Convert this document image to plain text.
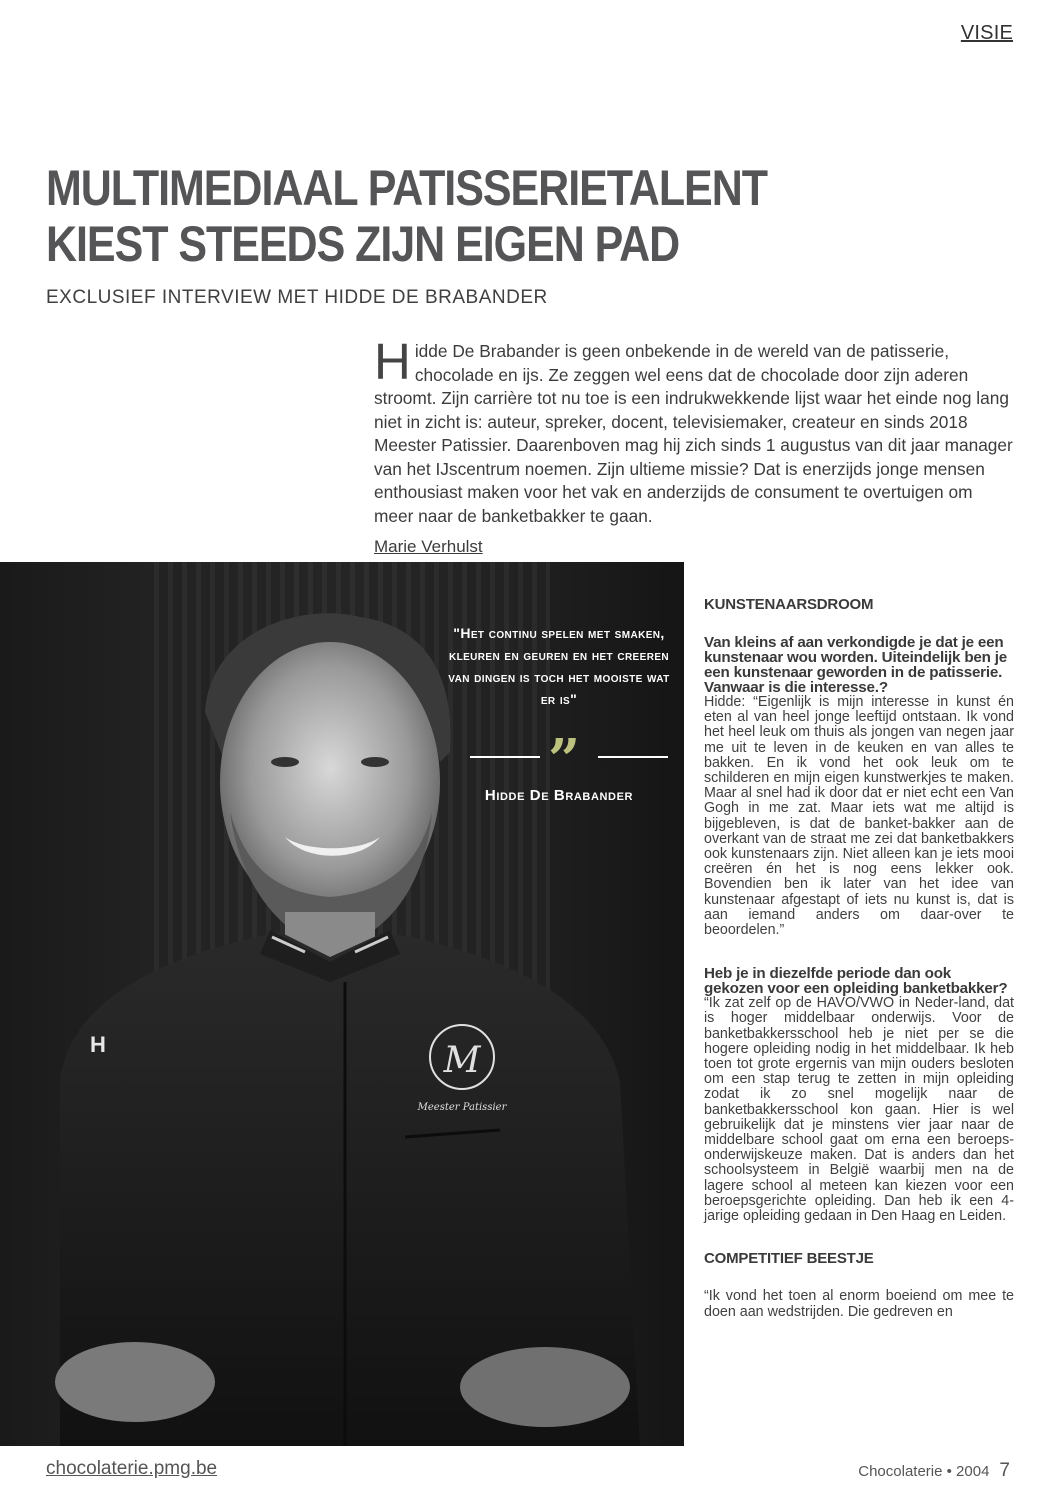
VISIE
MULTIMEDIAAL PATISSERIETALENT
KIEST STEEDS ZIJN EIGEN PAD
EXCLUSIEF INTERVIEW MET HIDDE DE BRABANDER

Hidde De Brabander is geen onbekende in de wereld van de patisserie, chocolade en ijs. Ze zeggen wel eens dat de chocolade door zijn aderen stroomt. Zijn carrière tot nu toe is een indrukwekkende lijst waar het einde nog lang niet in zicht is: auteur, spreker, docent, televisiemaker, createur en sinds 2018 Meester Patissier. Daarenboven mag hij zich sinds 1 augustus van dit jaar manager van het IJscentrum noemen. Zijn ultieme missie? Dat is enerzijds jonge mensen enthousiast maken voor het vak en anderzijds de consument te overtuigen om meer naar de banketbakker te gaan.

Marie Verhulst
M
Meester Patissier
H
"Het continu spelen met smaken, kleuren en geuren en het creeren van dingen is toch het mooiste wat er is"
”
Hidde De Brabander
KUNSTENAARSDROOM

Van kleins af aan verkondigde je dat je een kunstenaar wou worden. Uiteindelijk ben je een kunstenaar geworden in de patisserie. Vanwaar is die interesse.?

Hidde: “Eigenlijk is mijn interesse in kunst én eten al van heel jonge leeftijd ontstaan. Ik vond het heel leuk om thuis als jongen van negen jaar me uit te leven in de keuken en van alles te bakken. En ik vond het ook leuk om te schilderen en mijn eigen kunstwerkjes te maken. Maar al snel had ik door dat er niet echt een Van Gogh in me zat. Maar iets wat me altijd is bijgebleven, is dat de banket-bakker aan de overkant van de straat me zei dat banketbakkers ook kunstenaars zijn. Niet alleen kan je iets mooi creëren én het is nog eens lekker ook. Bovendien ben ik later van het idee van kunstenaar afgestapt of iets nu kunst is, dat is aan iemand anders om daar-over te beoordelen.”

Heb je in diezelfde periode dan ook gekozen voor een opleiding banketbakker?

“Ik zat zelf op de HAVO/VWO in Neder-land, dat is hoger middelbaar onderwijs. Voor de banketbakkersschool heb je niet per se die hogere opleiding nodig in het middelbaar. Ik heb toen tot grote ergernis van mijn ouders besloten om een stap terug te zetten in mijn opleiding zodat ik zo snel mogelijk naar de banketbakkersschool kon gaan. Hier is wel gebruikelijk dat je minstens vier jaar naar de middelbare school gaat om erna een beroeps-onderwijskeuze maken. Dat is anders dan het schoolsysteem in België waarbij men na de lagere school al meteen kan kiezen voor een beroepsgerichte opleiding. Dan heb ik een 4-jarige opleiding gedaan in Den Haag en Leiden.

COMPETITIEF BEESTJE

“Ik vond het toen al enorm boeiend om mee te doen aan wedstrijden. Die gedreven en

chocolaterie.pmg.be	Chocolaterie • 2004 7
